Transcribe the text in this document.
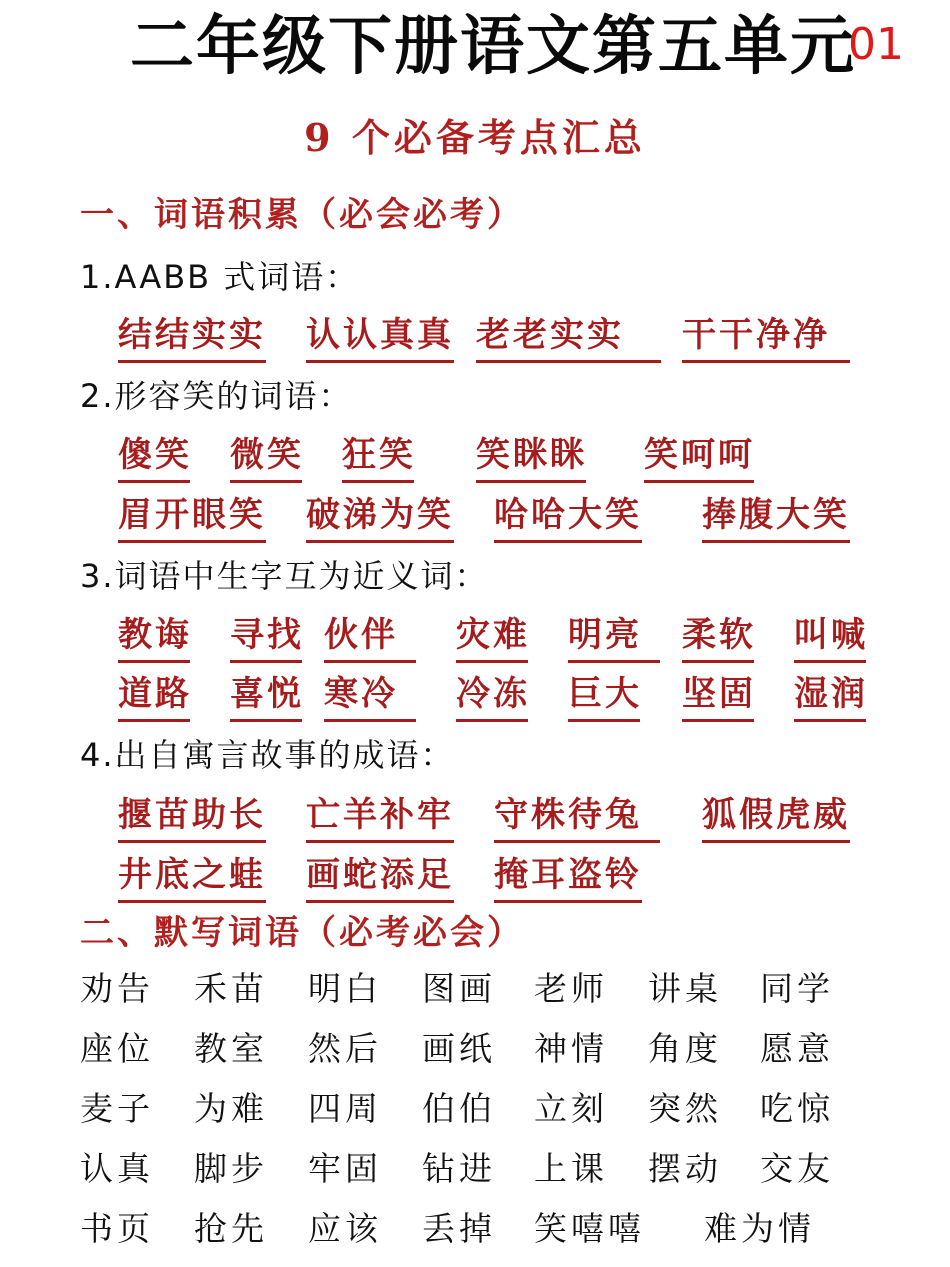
二年级下册语文第五单元
01
9 个必备考点汇总
一、词语积累（必会必考）
1.AABB 式词语：
结结实实 认认真真 老老实实	干干净净
2.形容笑的词语：
傻笑 微笑 狂笑 笑眯眯 笑呵呵
眉开眼笑 破涕为笑 哈哈大笑 捧腹大笑
3.词语中生字互为近义词：
教诲 寻找 伙伴	灾难 明亮	柔软 叫喊
道路 喜悦 寒冷	冷冻 巨大 坚固 湿润
4.出自寓言故事的成语：
揠苗助长 亡羊补牢 守株待兔	狐假虎威
井底之蛙 画蛇添足 掩耳盗铃
二、默写词语（必考必会）
劝告 禾苗 明白 图画 老师 讲桌 同学
座位 教室 然后 画纸 神情 角度 愿意
麦子 为难 四周 伯伯 立刻 突然 吃惊
认真 脚步 牢固 钻进 上课 摆动 交友
书页 抢先 应该 丢掉 笑嘻嘻 难为情
